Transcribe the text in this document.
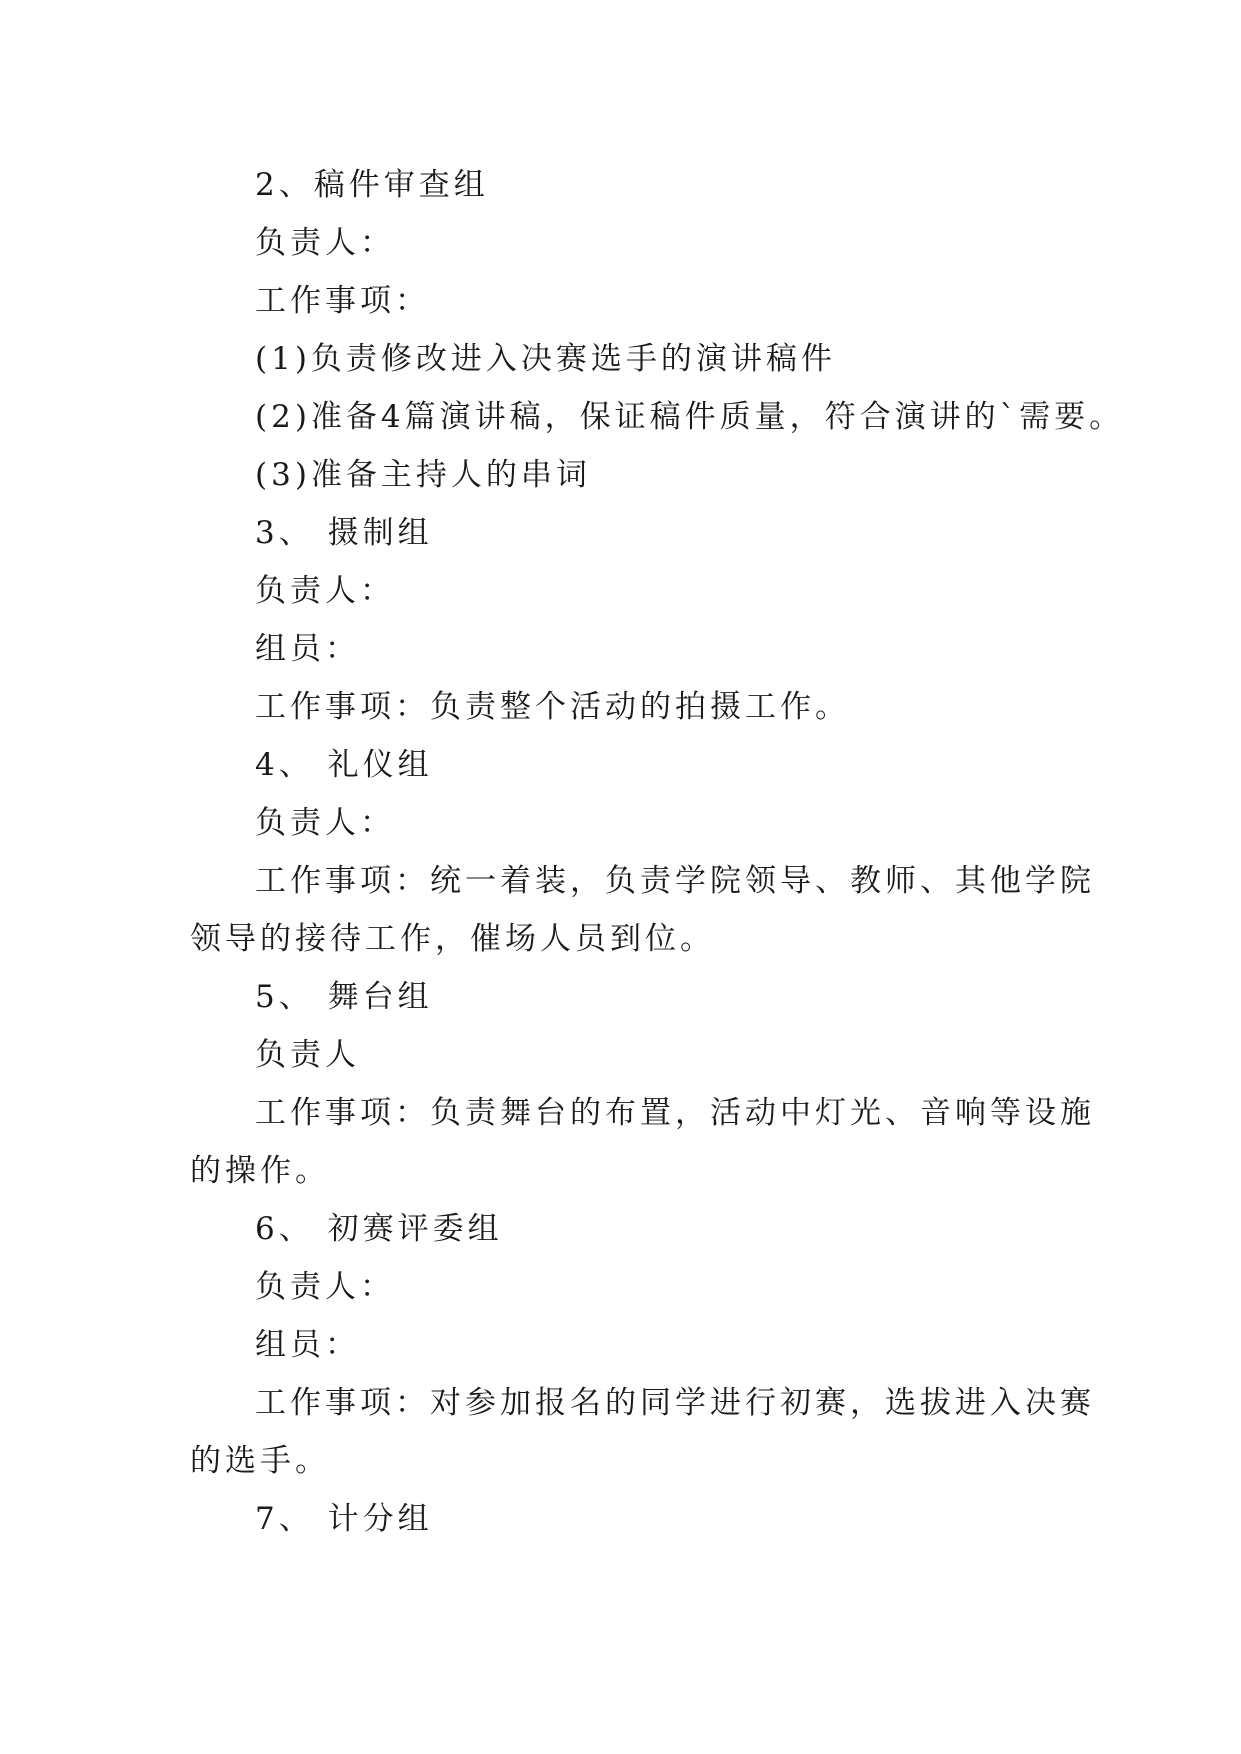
2、稿件审查组
负责人：
工作事项：
(1)负责修改进入决赛选手的演讲稿件
(2)准备4篇演讲稿，保证稿件质量，符合演讲的`需要。
(3)准备主持人的串词
3、 摄制组
负责人：
组员：
工作事项：负责整个活动的拍摄工作。
4、 礼仪组
负责人：
工作事项：统一着装，负责学院领导、教师、其他学院
领导的接待工作，催场人员到位。
5、 舞台组
负责人
工作事项：负责舞台的布置，活动中灯光、音响等设施
的操作。
6、 初赛评委组
负责人：
组员：
工作事项：对参加报名的同学进行初赛，选拔进入决赛
的选手。
7、 计分组
